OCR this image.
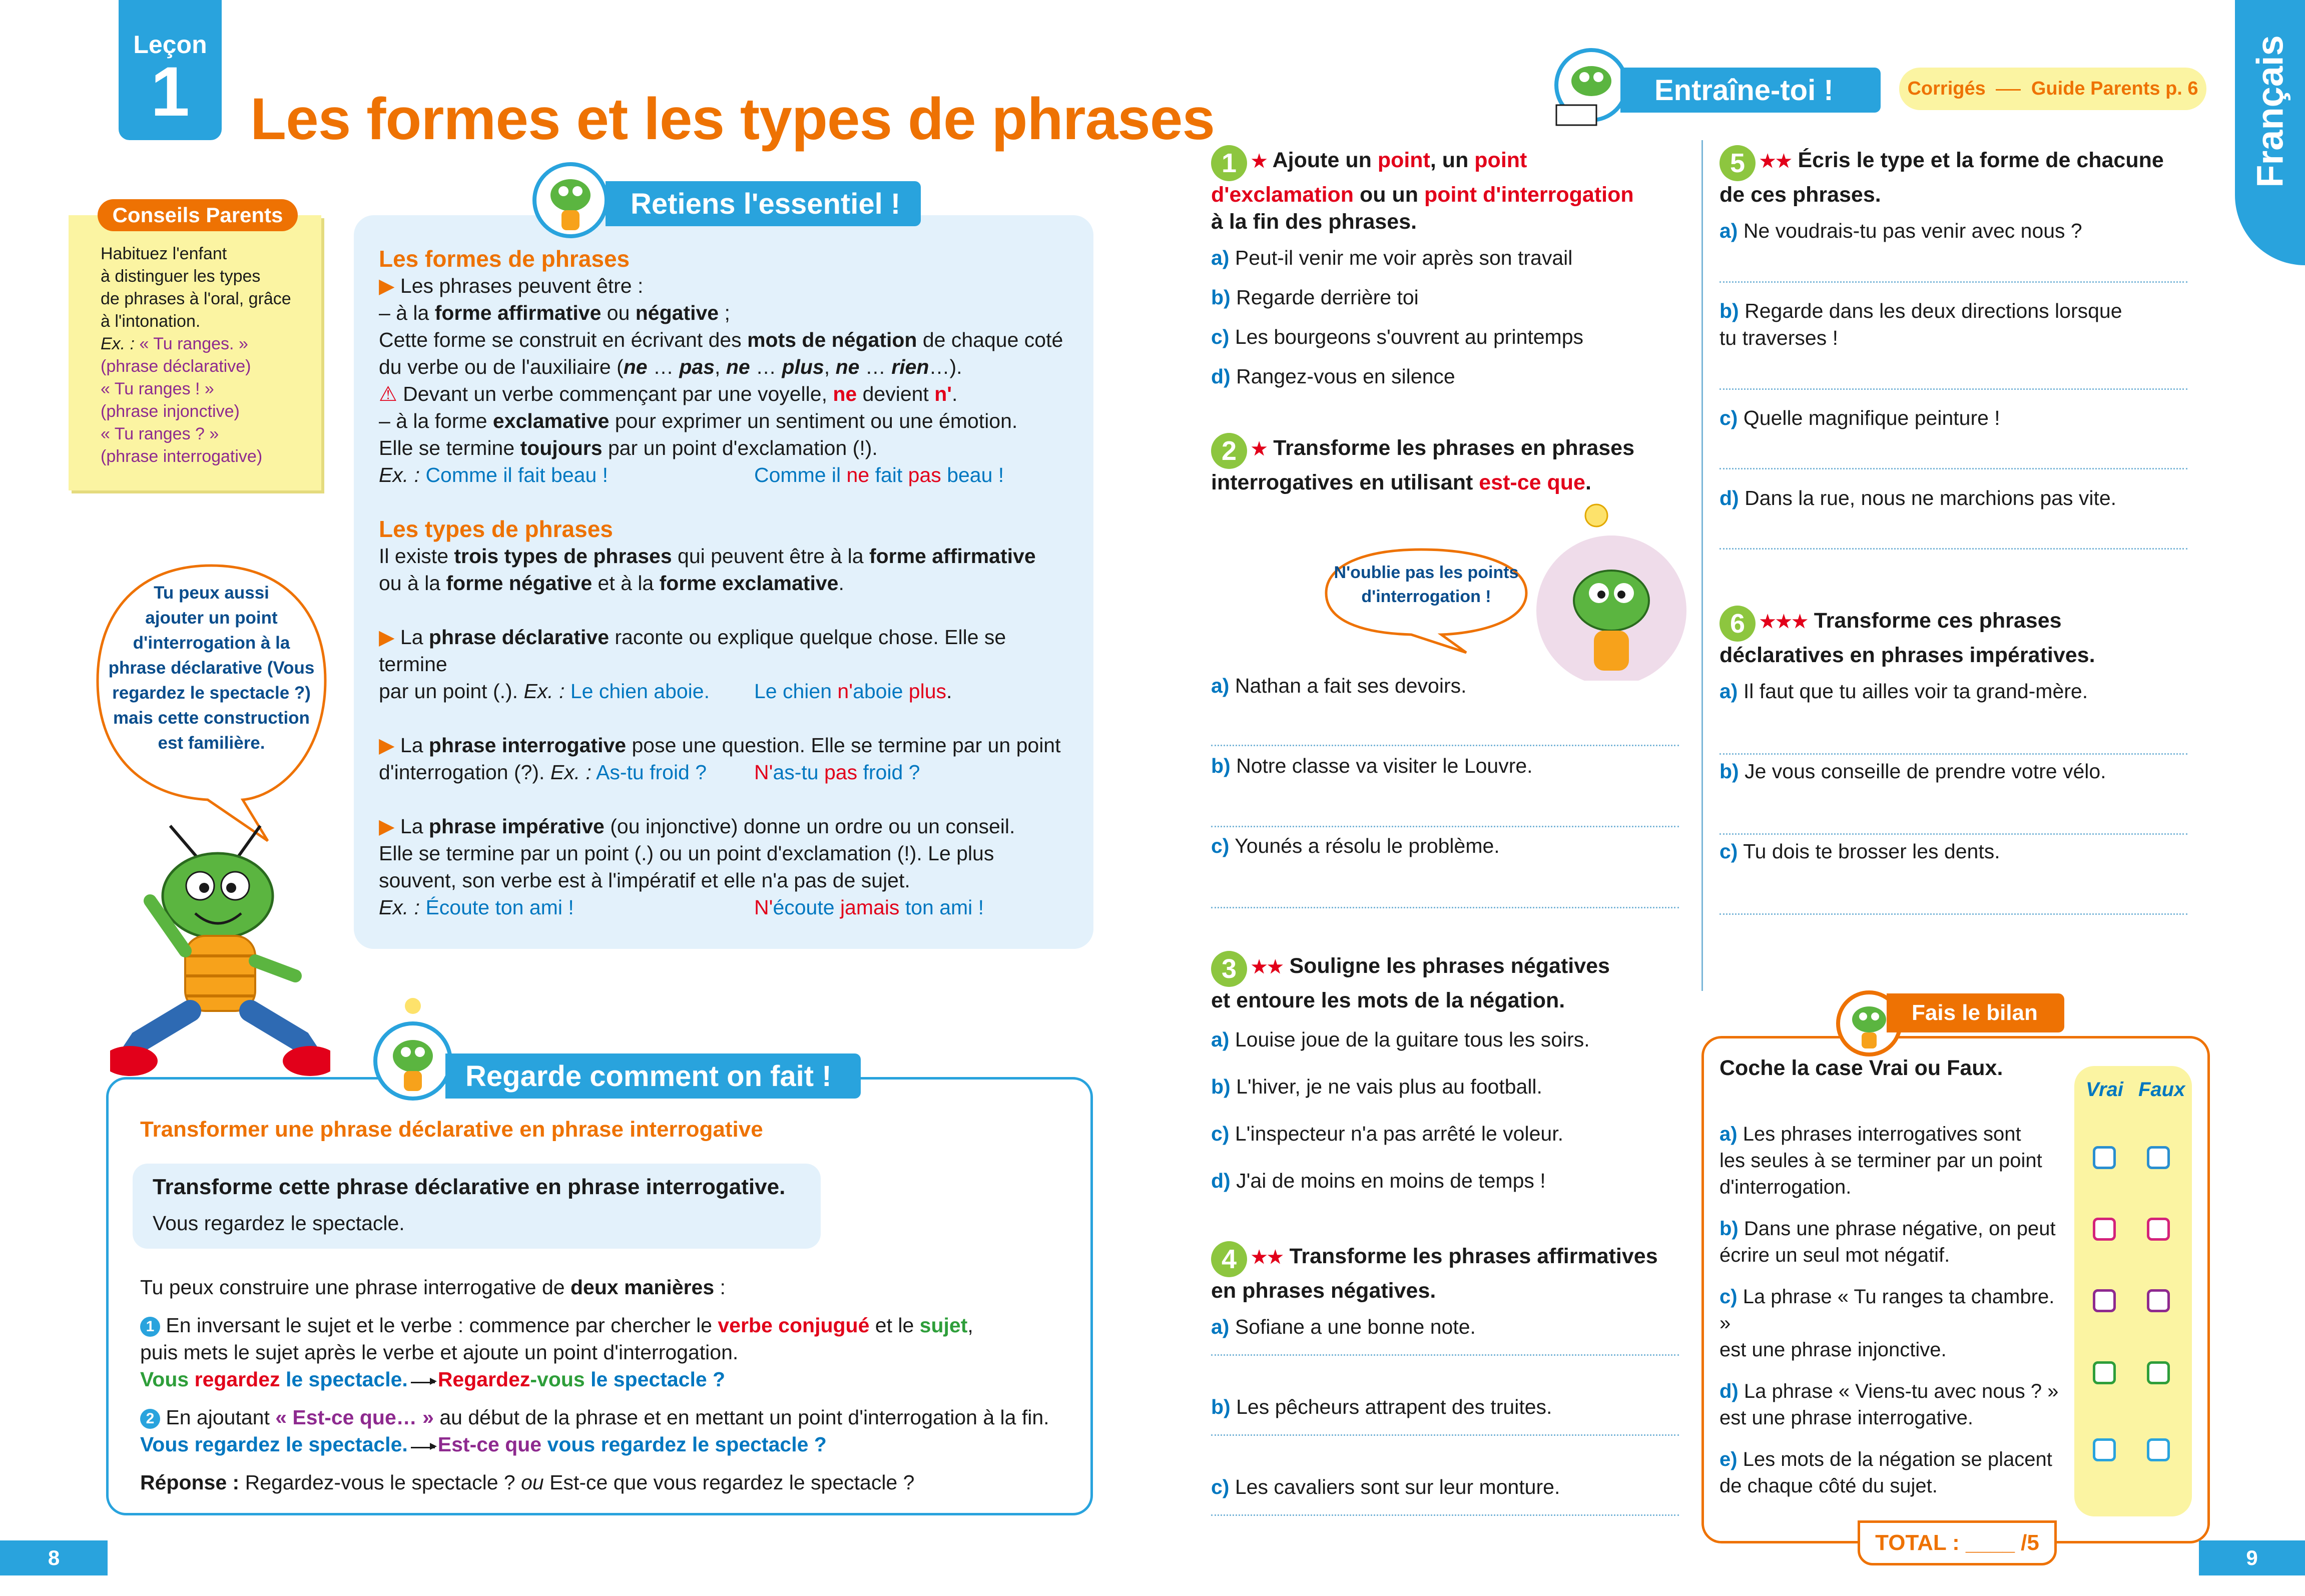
Leçon
1	Les formes et les types de phrases
Habituez l'enfant
à distinguer les types
de phrases à l'oral, grâce
à l'intonation.
Ex. : « Tu ranges. »
(phrase déclarative)
« Tu ranges ! »
(phrase injonctive)
« Tu ranges ? »
(phrase interrogative)
Conseils Parents
Tu peux aussi
ajouter un point
d'interrogation à la
phrase déclarative (Vous
regardez le spectacle ?)
mais cette construction
est familière.
Retiens l'essentiel !
Les formes de phrases
▶ Les phrases peuvent être :
– à la forme affirmative ou négative ;
Cette forme se construit en écrivant des mots de négation de chaque coté
du verbe ou de l'auxiliaire (ne … pas, ne … plus, ne … rien…).
⚠ Devant un verbe commençant par une voyelle, ne devient n'.
– à la forme exclamative pour exprimer un sentiment ou une émotion.
Elle se termine toujours par un point d'exclamation (!).
Ex. : Comme il fait beau !	Comme il ne fait pas beau !
Les types de phrases
Il existe trois types de phrases qui peuvent être à la forme affirmative
ou à la forme négative et à la forme exclamative.
▶ La phrase déclarative raconte ou explique quelque chose. Elle se termine
par un point (.). Ex. : Le chien aboie. Le chien n'aboie plus.
▶ La phrase interrogative pose une question. Elle se termine par un point
d'interrogation (?). Ex. : As-tu froid ? N'as-tu pas froid ?
▶ La phrase impérative (ou injonctive) donne un ordre ou un conseil.
Elle se termine par un point (.) ou un point d'exclamation (!). Le plus
souvent, son verbe est à l'impératif et elle n'a pas de sujet.
Ex. : Écoute ton ami !	N'écoute jamais ton ami !
Regarde comment on fait !
Transformer une phrase déclarative en phrase interrogative
Transforme cette phrase déclarative en phrase interrogative.
Vous regardez le spectacle.
Tu peux construire une phrase interrogative de deux manières :
1 En inversant le sujet et le verbe : commence par chercher le verbe conjugué et le sujet,
puis mets le sujet après le verbe et ajoute un point d'interrogation.
Vous regardez le spectacle. Regardez-vous le spectacle ?
2 En ajoutant « Est-ce que… » au début de la phrase et en mettant un point d'interrogation à la fin.
Vous regardez le spectacle. Est-ce que vous regardez le spectacle ?
Réponse : Regardez-vous le spectacle ? ou Est-ce que vous regardez le spectacle ?
8
Entraîne-toi !	Corrigés Guide Parents p. 6 Français
1 ★ Ajoute un point, un point
d'exclamation ou un point d'interrogation
à la fin des phrases.
a) Peut-il venir me voir après son travail
b) Regarde derrière toi
c) Les bourgeons s'ouvrent au printemps
d) Rangez-vous en silence
2 ★ Transforme les phrases en phrases
interrogatives en utilisant est-ce que.
N'oublie pas les points
d'interrogation !
a) Nathan a fait ses devoirs.
b) Notre classe va visiter le Louvre.
c) Younés a résolu le problème.
3 ★★ Souligne les phrases négatives
et entoure les mots de la négation.
a) Louise joue de la guitare tous les soirs.
b) L'hiver, je ne vais plus au football.
c) L'inspecteur n'a pas arrêté le voleur.
d) J'ai de moins en moins de temps !
4 ★★ Transforme les phrases affirmatives
en phrases négatives.
a) Sofiane a une bonne note.
b) Les pêcheurs attrapent des truites.
c) Les cavaliers sont sur leur monture.
5 ★★ Écris le type et la forme de chacune
de ces phrases.
a) Ne voudrais-tu pas venir avec nous ?
b) Regarde dans les deux directions lorsque
tu traverses !
c) Quelle magnifique peinture !
d) Dans la rue, nous ne marchions pas vite.
6 ★★★ Transforme ces phrases
déclaratives en phrases impératives.
a) Il faut que tu ailles voir ta grand-mère.
b) Je vous conseille de prendre votre vélo.
c) Tu dois te brosser les dents.
Fais le bilan
Coche la case Vrai ou Faux.
Vrai Faux
a) Les phrases interrogatives sont
les seules à se terminer par un point
d'interrogation.
b) Dans une phrase négative, on peut
écrire un seul mot négatif.
c) La phrase « Tu ranges ta chambre. »
est une phrase injonctive.
d) La phrase « Viens-tu avec nous ? »
est une phrase interrogative.
e) Les mots de la négation se placent
de chaque côté du sujet.
TOTAL : ____ /5
9
